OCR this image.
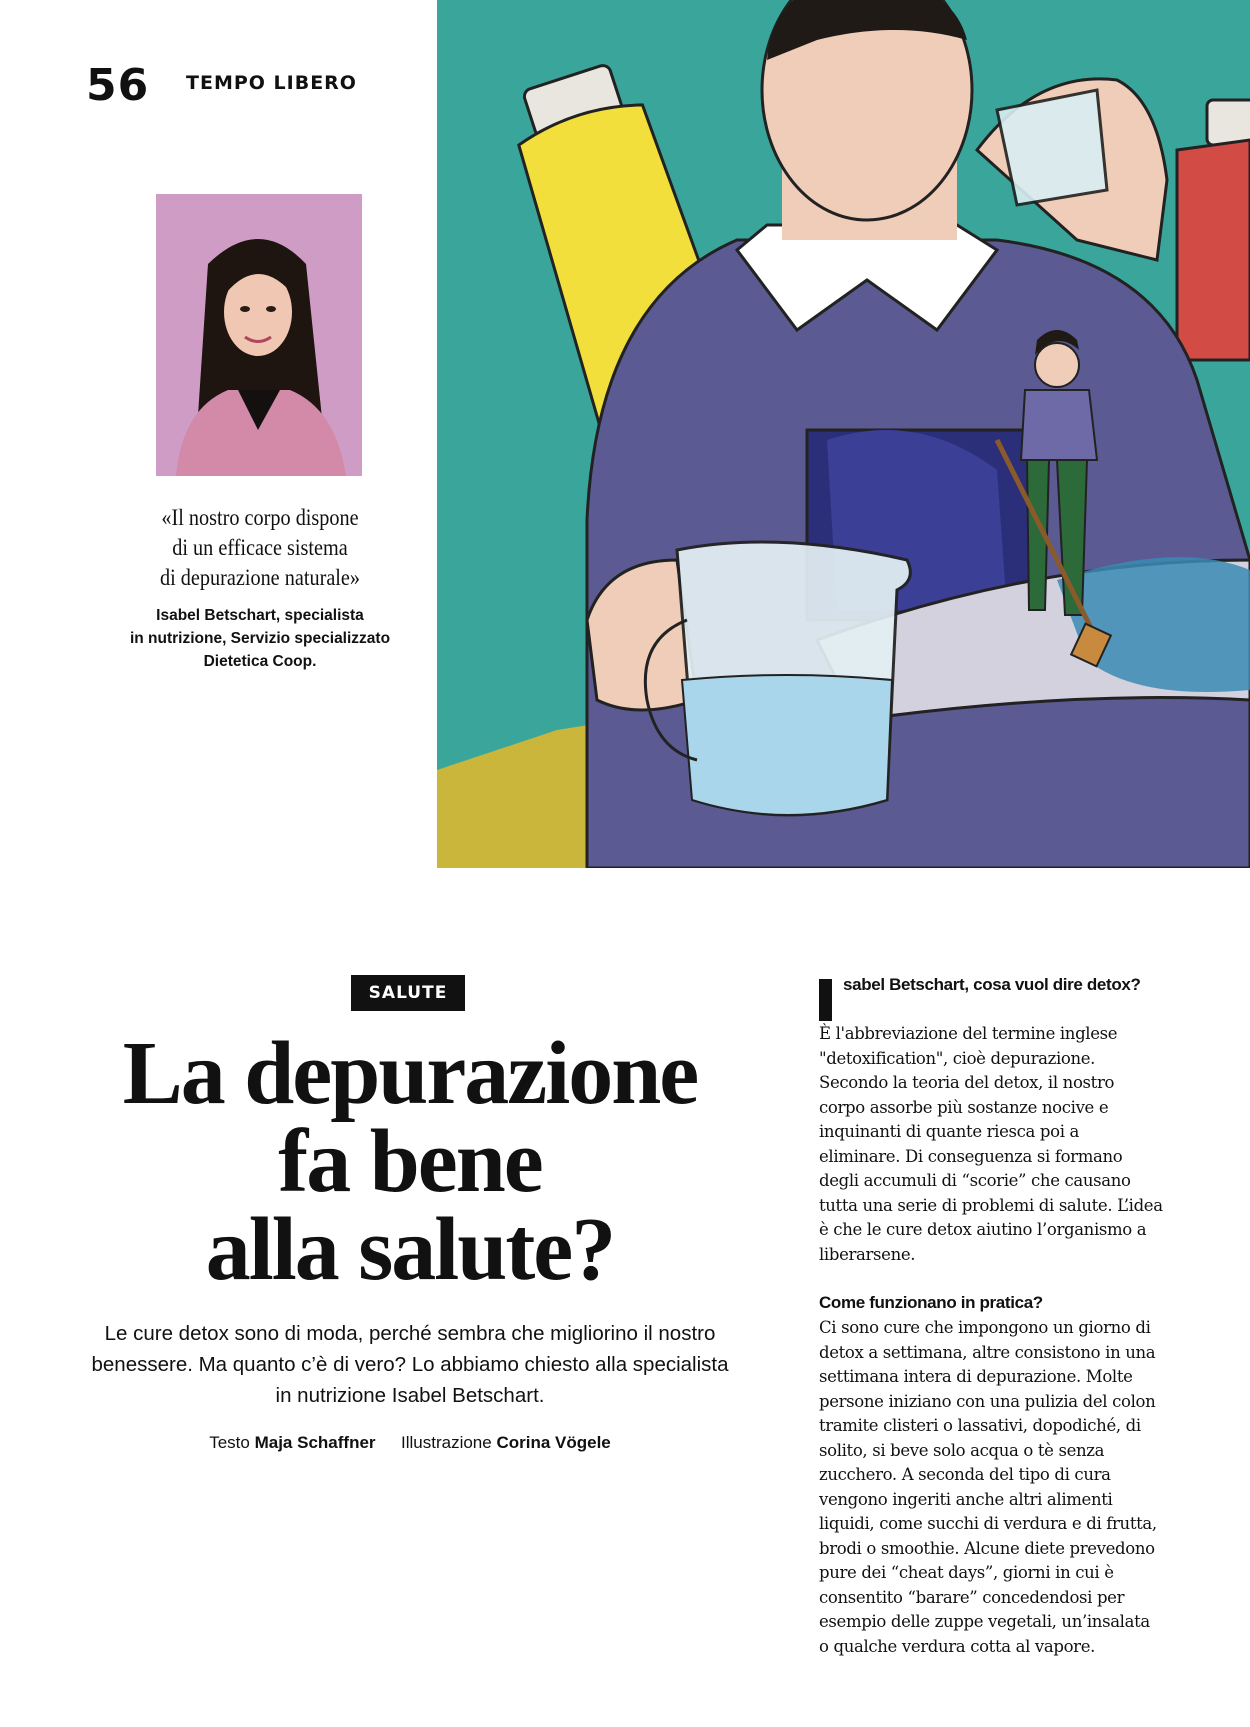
56 TEMPO LIBERO
«Il nostro corpo dispone
di un efficace sistema
di depurazione naturale»
Isabel Betschart, specialista
in nutrizione, Servizio specializzato
Dietetica Coop.
SALUTE
La depurazione
fa bene
alla salute?

Le cure detox sono di moda, perché sembra che migliorino il nostro benessere. Ma quanto c’è di vero? Lo abbiamo chiesto alla specialista in nutrizione Isabel Betschart.

Testo Maja Schaffner Illustrazione Corina Vögele
sabel Betschart, cosa vuol dire detox?

È l'abbreviazione del termine inglese "detoxification", cioè depurazione. Secondo la teoria del detox, il nostro corpo assorbe più sostanze nocive e inquinanti di quante riesca poi a eliminare. Di conseguenza si formano degli accumuli di “scorie” che causano tutta una serie di problemi di salute. L’idea è che le cure detox aiutino l’organismo a liberarsene.

Come funzionano in pratica?

Ci sono cure che impongono un giorno di detox a settimana, altre consistono in una settimana intera di depurazione. Molte persone iniziano con una pulizia del colon tramite clisteri o lassativi, dopodiché, di solito, si beve solo acqua o tè senza zucchero. A seconda del tipo di cura vengono ingeriti anche altri alimenti liquidi, come succhi di verdura e di frutta, brodi o smoothie. Alcune diete prevedono pure dei “cheat days”, giorni in cui è consentito “barare” concedendosi per esempio delle zuppe vegetali, un’insalata o qualche verdura cotta al vapore.
